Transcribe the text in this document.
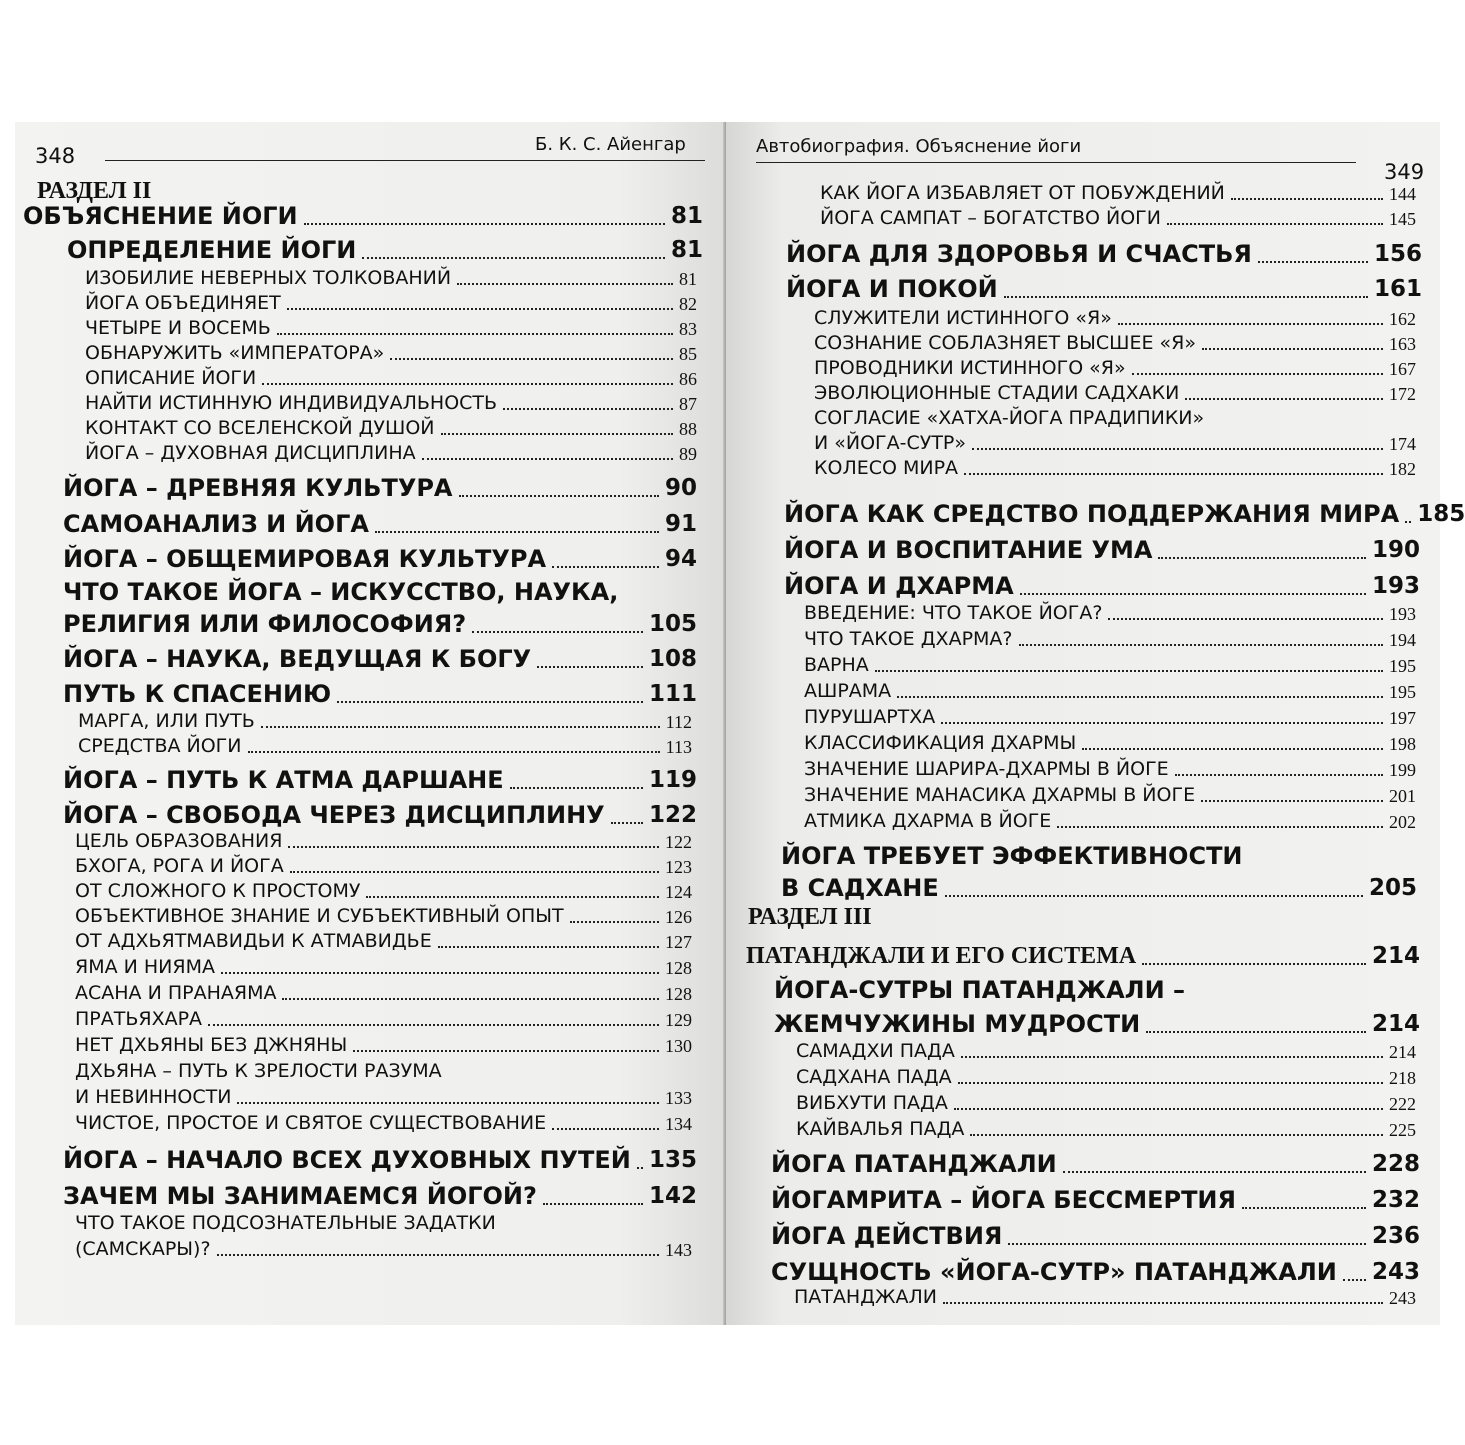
348	Б. К. С. Айенгар
РАЗДЕЛ II
ОБЪЯСНЕНИЕ ЙОГИ	81
ОПРЕДЕЛЕНИЕ ЙОГИ	81
ИЗОБИЛИЕ НЕВЕРНЫХ ТОЛКОВАНИЙ	81
ЙОГА ОБЪЕДИНЯЕТ	82
ЧЕТЫРЕ И ВОСЕМЬ	83
ОБНАРУЖИТЬ «ИМПЕРАТОРА»	85
ОПИСАНИЕ ЙОГИ	86
НАЙТИ ИСТИННУЮ ИНДИВИДУАЛЬНОСТЬ	87
КОНТАКТ СО ВСЕЛЕНСКОЙ ДУШОЙ	88
ЙОГА – ДУХОВНАЯ ДИСЦИПЛИНА	89
ЙОГА – ДРЕВНЯЯ КУЛЬТУРА	90
САМОАНАЛИЗ И ЙОГА	91
ЙОГА – ОБЩЕМИРОВАЯ КУЛЬТУРА	94
ЧТО ТАКОЕ ЙОГА – ИСКУССТВО, НАУКА,
РЕЛИГИЯ ИЛИ ФИЛОСОФИЯ?	105
ЙОГА – НАУКА, ВЕДУЩАЯ К БОГУ	108
ПУТЬ К СПАСЕНИЮ	111
МАРГА, ИЛИ ПУТЬ	112
СРЕДСТВА ЙОГИ	113
ЙОГА – ПУТЬ К АТМА ДАРШАНЕ	119
ЙОГА – СВОБОДА ЧЕРЕЗ ДИСЦИПЛИНУ 122
ЦЕЛЬ ОБРАЗОВАНИЯ	122
БХОГА, РОГА И ЙОГА	123
ОТ СЛОЖНОГО К ПРОСТОМУ	124
ОБЪЕКТИВНОЕ ЗНАНИЕ И СУБЪЕКТИВНЫЙ ОПЫТ	126
ОТ АДХЬЯТМАВИДЬИ К АТМАВИДЬЕ	127
ЯМА И НИЯМА	128
АСАНА И ПРАНАЯМА	128
ПРАТЬЯХАРА	129
НЕТ ДХЬЯНЫ БЕЗ ДЖНЯНЫ	130
ДХЬЯНА – ПУТЬ К ЗРЕЛОСТИ РАЗУМА
И НЕВИННОСТИ	133
ЧИСТОЕ, ПРОСТОЕ И СВЯТОЕ СУЩЕСТВОВАНИЕ	134
ЙОГА – НАЧАЛО ВСЕХ ДУХОВНЫХ ПУТЕЙ 135
ЗАЧЕМ МЫ ЗАНИМАЕМСЯ ЙОГОЙ?	142
ЧТО ТАКОЕ ПОДСОЗНАТЕЛЬНЫЕ ЗАДАТКИ
(САМСКАРЫ)?	143
Автобиография. Объяснение йоги
349
КАК ЙОГА ИЗБАВЛЯЕТ ОТ ПОБУЖДЕНИЙ	144
ЙОГА САМПАТ – БОГАТСТВО ЙОГИ	145
ЙОГА ДЛЯ ЗДОРОВЬЯ И СЧАСТЬЯ	156
ЙОГА И ПОКОЙ	161
СЛУЖИТЕЛИ ИСТИННОГО «Я»	162
СОЗНАНИЕ СОБЛАЗНЯЕТ ВЫСШЕЕ «Я»	163
ПРОВОДНИКИ ИСТИННОГО «Я»	167
ЭВОЛЮЦИОННЫЕ СТАДИИ САДХАКИ	172
СОГЛАСИЕ «ХАТХА-ЙОГА ПРАДИПИКИ»
И «ЙОГА-СУТР»	174
КОЛЕСО МИРА	182
ЙОГА КАК СРЕДСТВО ПОДДЕРЖАНИЯ МИРА 185
ЙОГА И ВОСПИТАНИЕ УМА	190
ЙОГА И ДХАРМА	193
ВВЕДЕНИЕ: ЧТО ТАКОЕ ЙОГА?	193
ЧТО ТАКОЕ ДХАРМА?	194
ВАРНА	195
АШРАМА	195
ПУРУШАРТХА	197
КЛАССИФИКАЦИЯ ДХАРМЫ	198
ЗНАЧЕНИЕ ШАРИРА-ДХАРМЫ В ЙОГЕ	199
ЗНАЧЕНИЕ МАНАСИКА ДХАРМЫ В ЙОГЕ	201
АТМИКА ДХАРМА В ЙОГЕ	202
ЙОГА ТРЕБУЕТ ЭФФЕКТИВНОСТИ
В САДХАНЕ	205
РАЗДЕЛ III
ПАТАНДЖАЛИ И ЕГО СИСТЕМА	214
ЙОГА-СУТРЫ ПАТАНДЖАЛИ –
ЖЕМЧУЖИНЫ МУДРОСТИ	214
САМАДХИ ПАДА	214
САДХАНА ПАДА	218
ВИБХУТИ ПАДА	222
КАЙВАЛЬЯ ПАДА	225
ЙОГА ПАТАНДЖАЛИ	228
ЙОГАМРИТА – ЙОГА БЕССМЕРТИЯ	232
ЙОГА ДЕЙСТВИЯ	236
СУЩНОСТЬ «ЙОГА-СУТР» ПАТАНДЖАЛИ 243
ПАТАНДЖАЛИ	243
